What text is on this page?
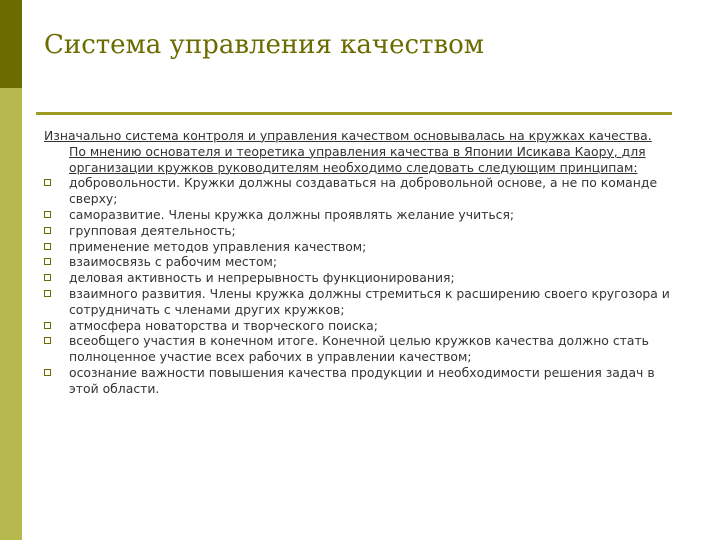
Система управления качеством

Изначально система контроля и управления качеством основывалась на кружках качества. По мнению основателя и теоретика управления качества в Японии Исикава Каору, для организации кружков руководителям необходимо следовать следующим принципам:

добровольности. Кружки должны создаваться на добровольной основе, а не по команде сверху;
саморазвитие. Члены кружка должны проявлять желание учиться;
групповая деятельность;
применение методов управления качеством;
взаимосвязь с рабочим местом;
деловая активность и непрерывность функционирования;
взаимного развития. Члены кружка должны стремиться к расширению своего кругозора и сотрудничать с членами других кружков;
атмосфера новаторства и творческого поиска;
всеобщего участия в конечном итоге. Конечной целью кружков качества должно стать полноценное участие всех рабочих в управлении качеством;
осознание важности повышения качества продукции и необходимости решения задач в этой области.
